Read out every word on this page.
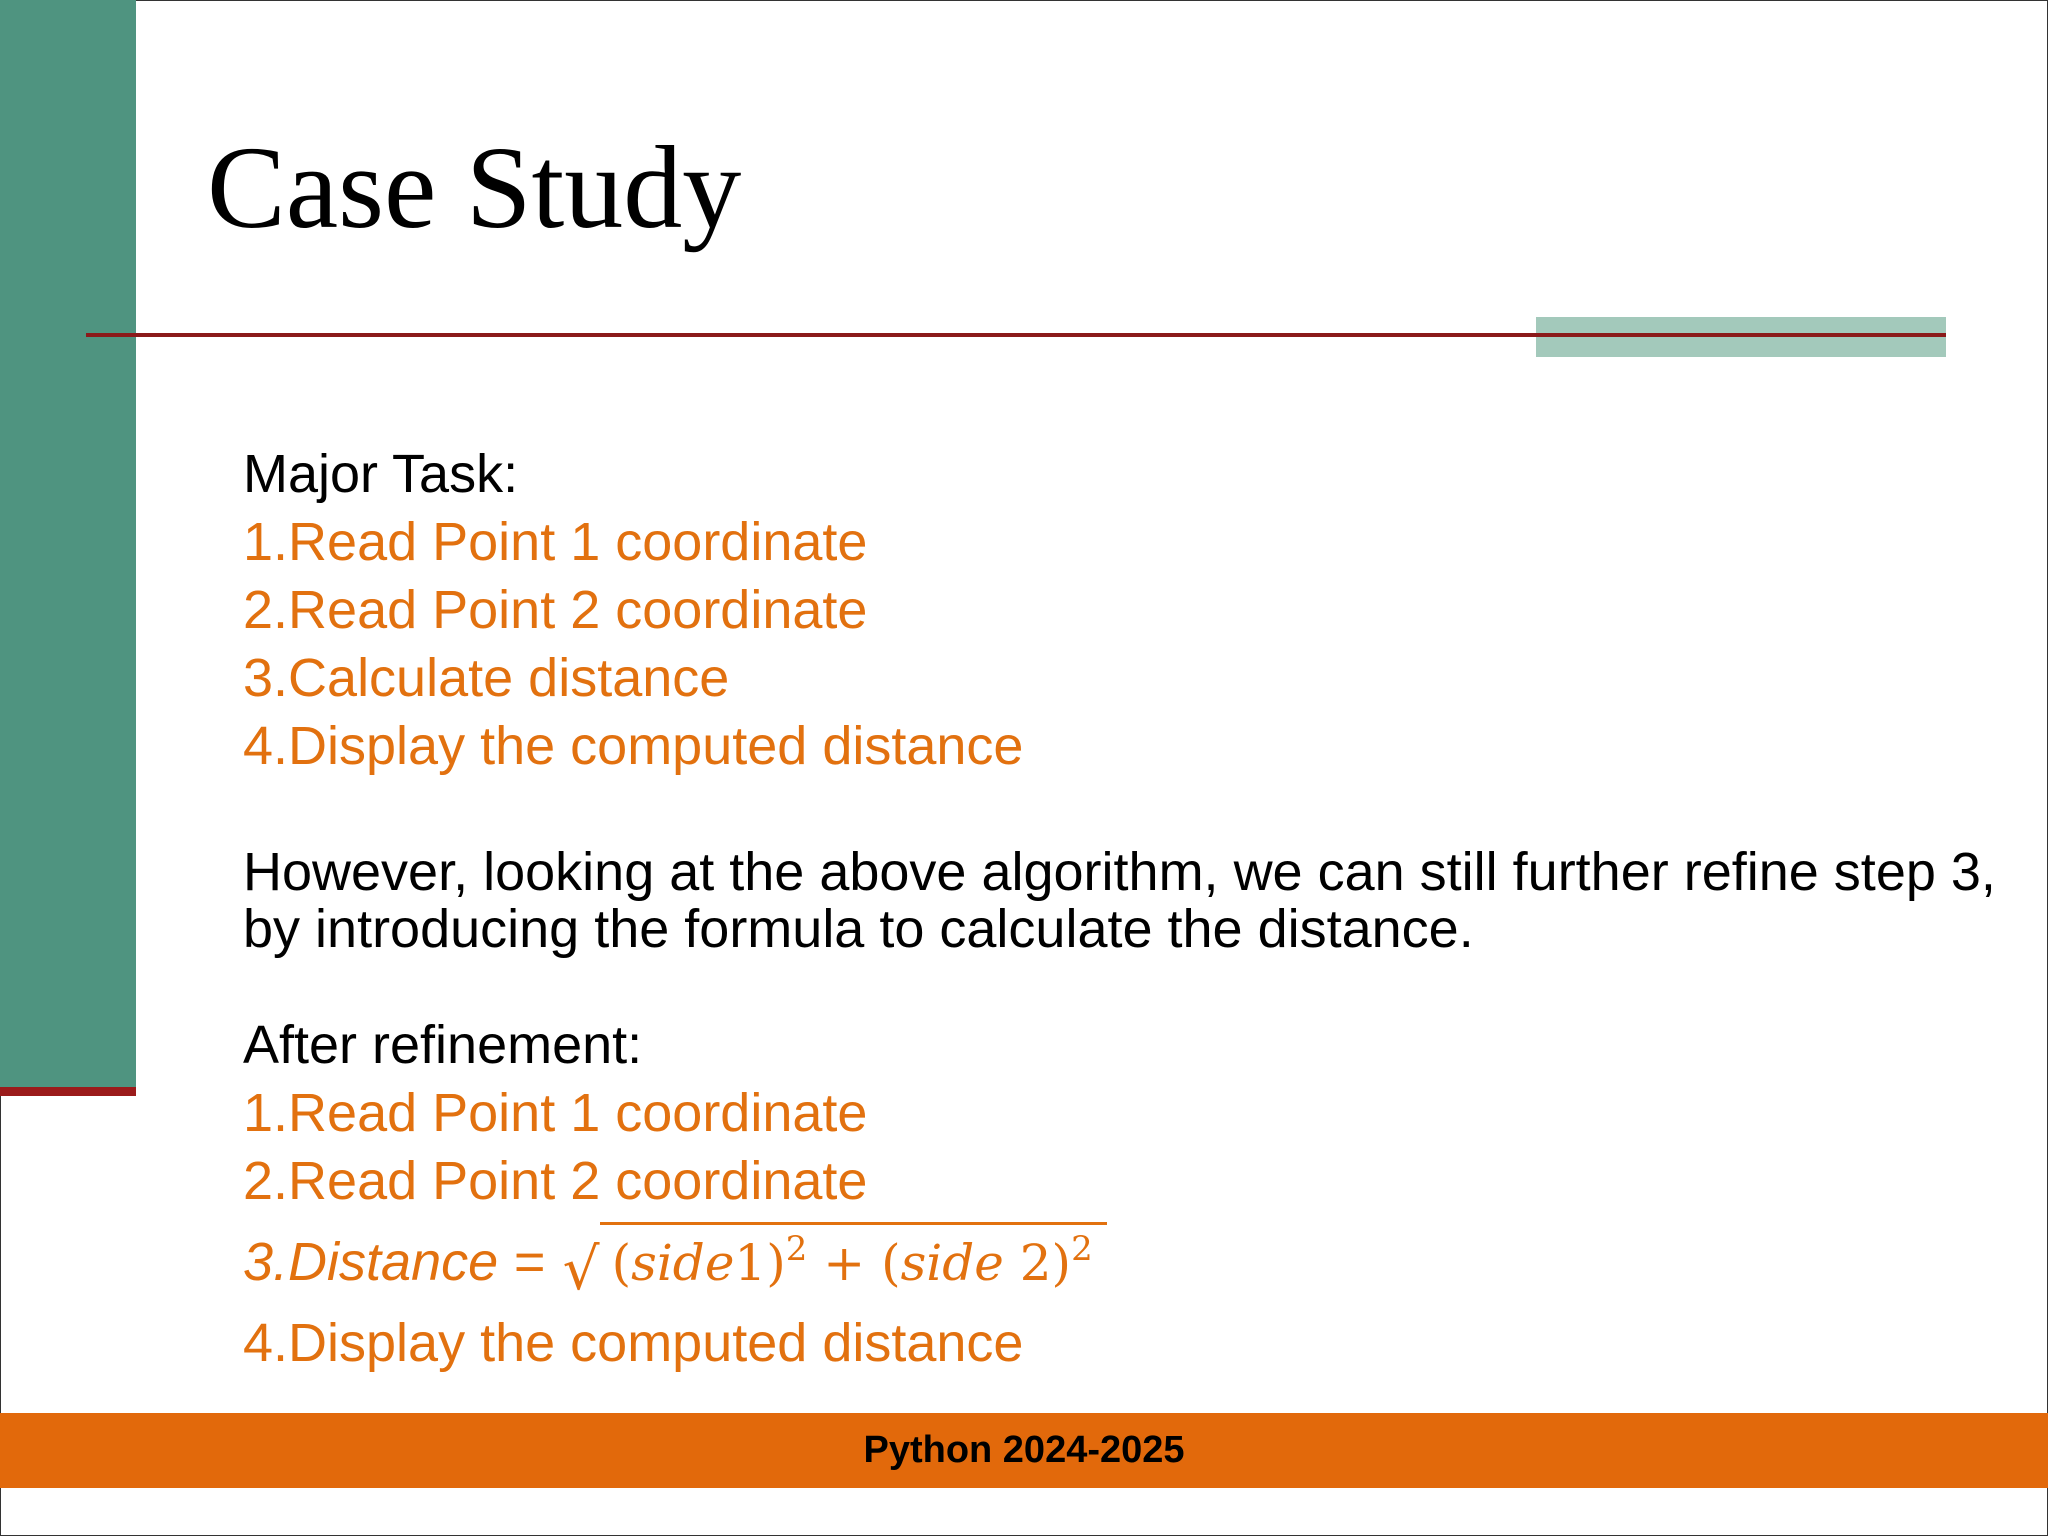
Case Study
Major Task:
1.Read Point 1 coordinate
2.Read Point 2 coordinate
3.Calculate distance
4.Display the computed distance
However, looking at the above algorithm, we can still further refine step 3, by introducing the formula to calculate the distance.
After refinement:
1.Read Point 1 coordinate
2.Read Point 2 coordinate
3.Distance = √ ( side 1 ) 2 + ( side 2 ) 2
4.Display the computed distance
Python 2024-2025
